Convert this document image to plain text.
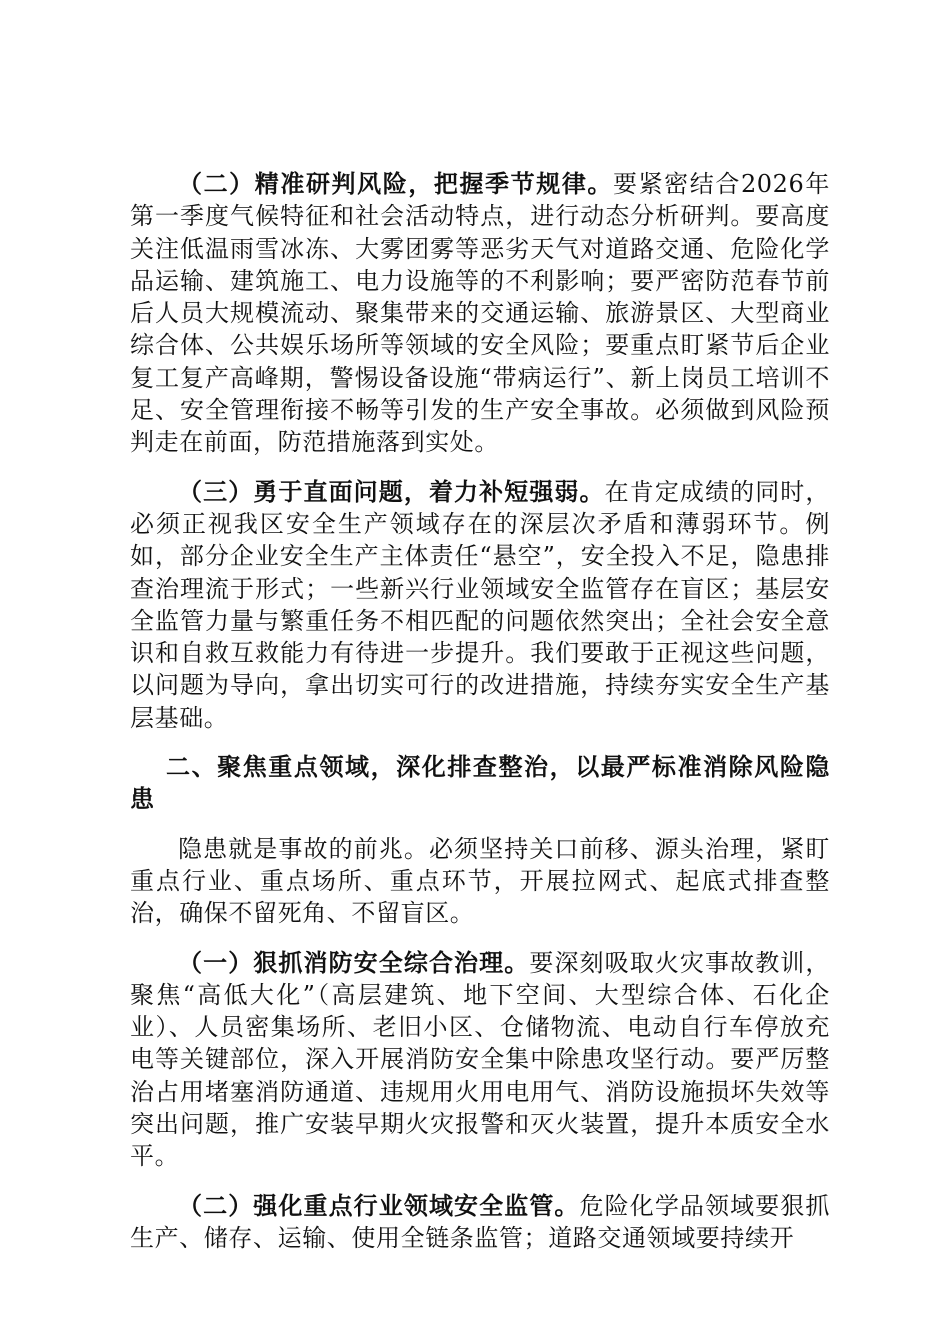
（二）精准研判风险，把握季节规律。要紧密结合2026年第一季度气候特征和社会活动特点，进行动态分析研判。要高度关注低温雨雪冰冻、大雾团雾等恶劣天气对道路交通、危险化学品运输、建筑施工、电力设施等的不利影响；要严密防范春节前后人员大规模流动、聚集带来的交通运输、旅游景区、大型商业综合体、公共娱乐场所等领域的安全风险；要重点盯紧节后企业复工复产高峰期，警惕设备设施“带病运行”、新上岗员工培训不足、安全管理衔接不畅等引发的生产安全事故。必须做到风险预判走在前面，防范措施落到实处。

（三）勇于直面问题，着力补短强弱。在肯定成绩的同时，必须正视我区安全生产领域存在的深层次矛盾和薄弱环节。例如，部分企业安全生产主体责任“悬空”，安全投入不足，隐患排查治理流于形式；一些新兴行业领域安全监管存在盲区；基层安全监管力量与繁重任务不相匹配的问题依然突出；全社会安全意识和自救互救能力有待进一步提升。我们要敢于正视这些问题，以问题为导向，拿出切实可行的改进措施，持续夯实安全生产基层基础。

二、聚焦重点领域，深化排查整治，以最严标准消除风险隐患

隐患就是事故的前兆。必须坚持关口前移、源头治理，紧盯重点行业、重点场所、重点环节，开展拉网式、起底式排查整治，确保不留死角、不留盲区。

（一）狠抓消防安全综合治理。要深刻吸取火灾事故教训，聚焦“高低大化”（高层建筑、地下空间、大型综合体、石化企业）、人员密集场所、老旧小区、仓储物流、电动自行车停放充电等关键部位，深入开展消防安全集中除患攻坚行动。要严厉整治占用堵塞消防通道、违规用火用电用气、消防设施损坏失效等突出问题，推广安装早期火灾报警和灭火装置，提升本质安全水平。

（二）强化重点行业领域安全监管。危险化学品领域要狠抓生产、储存、运输、使用全链条监管；道路交通领域要持续开
